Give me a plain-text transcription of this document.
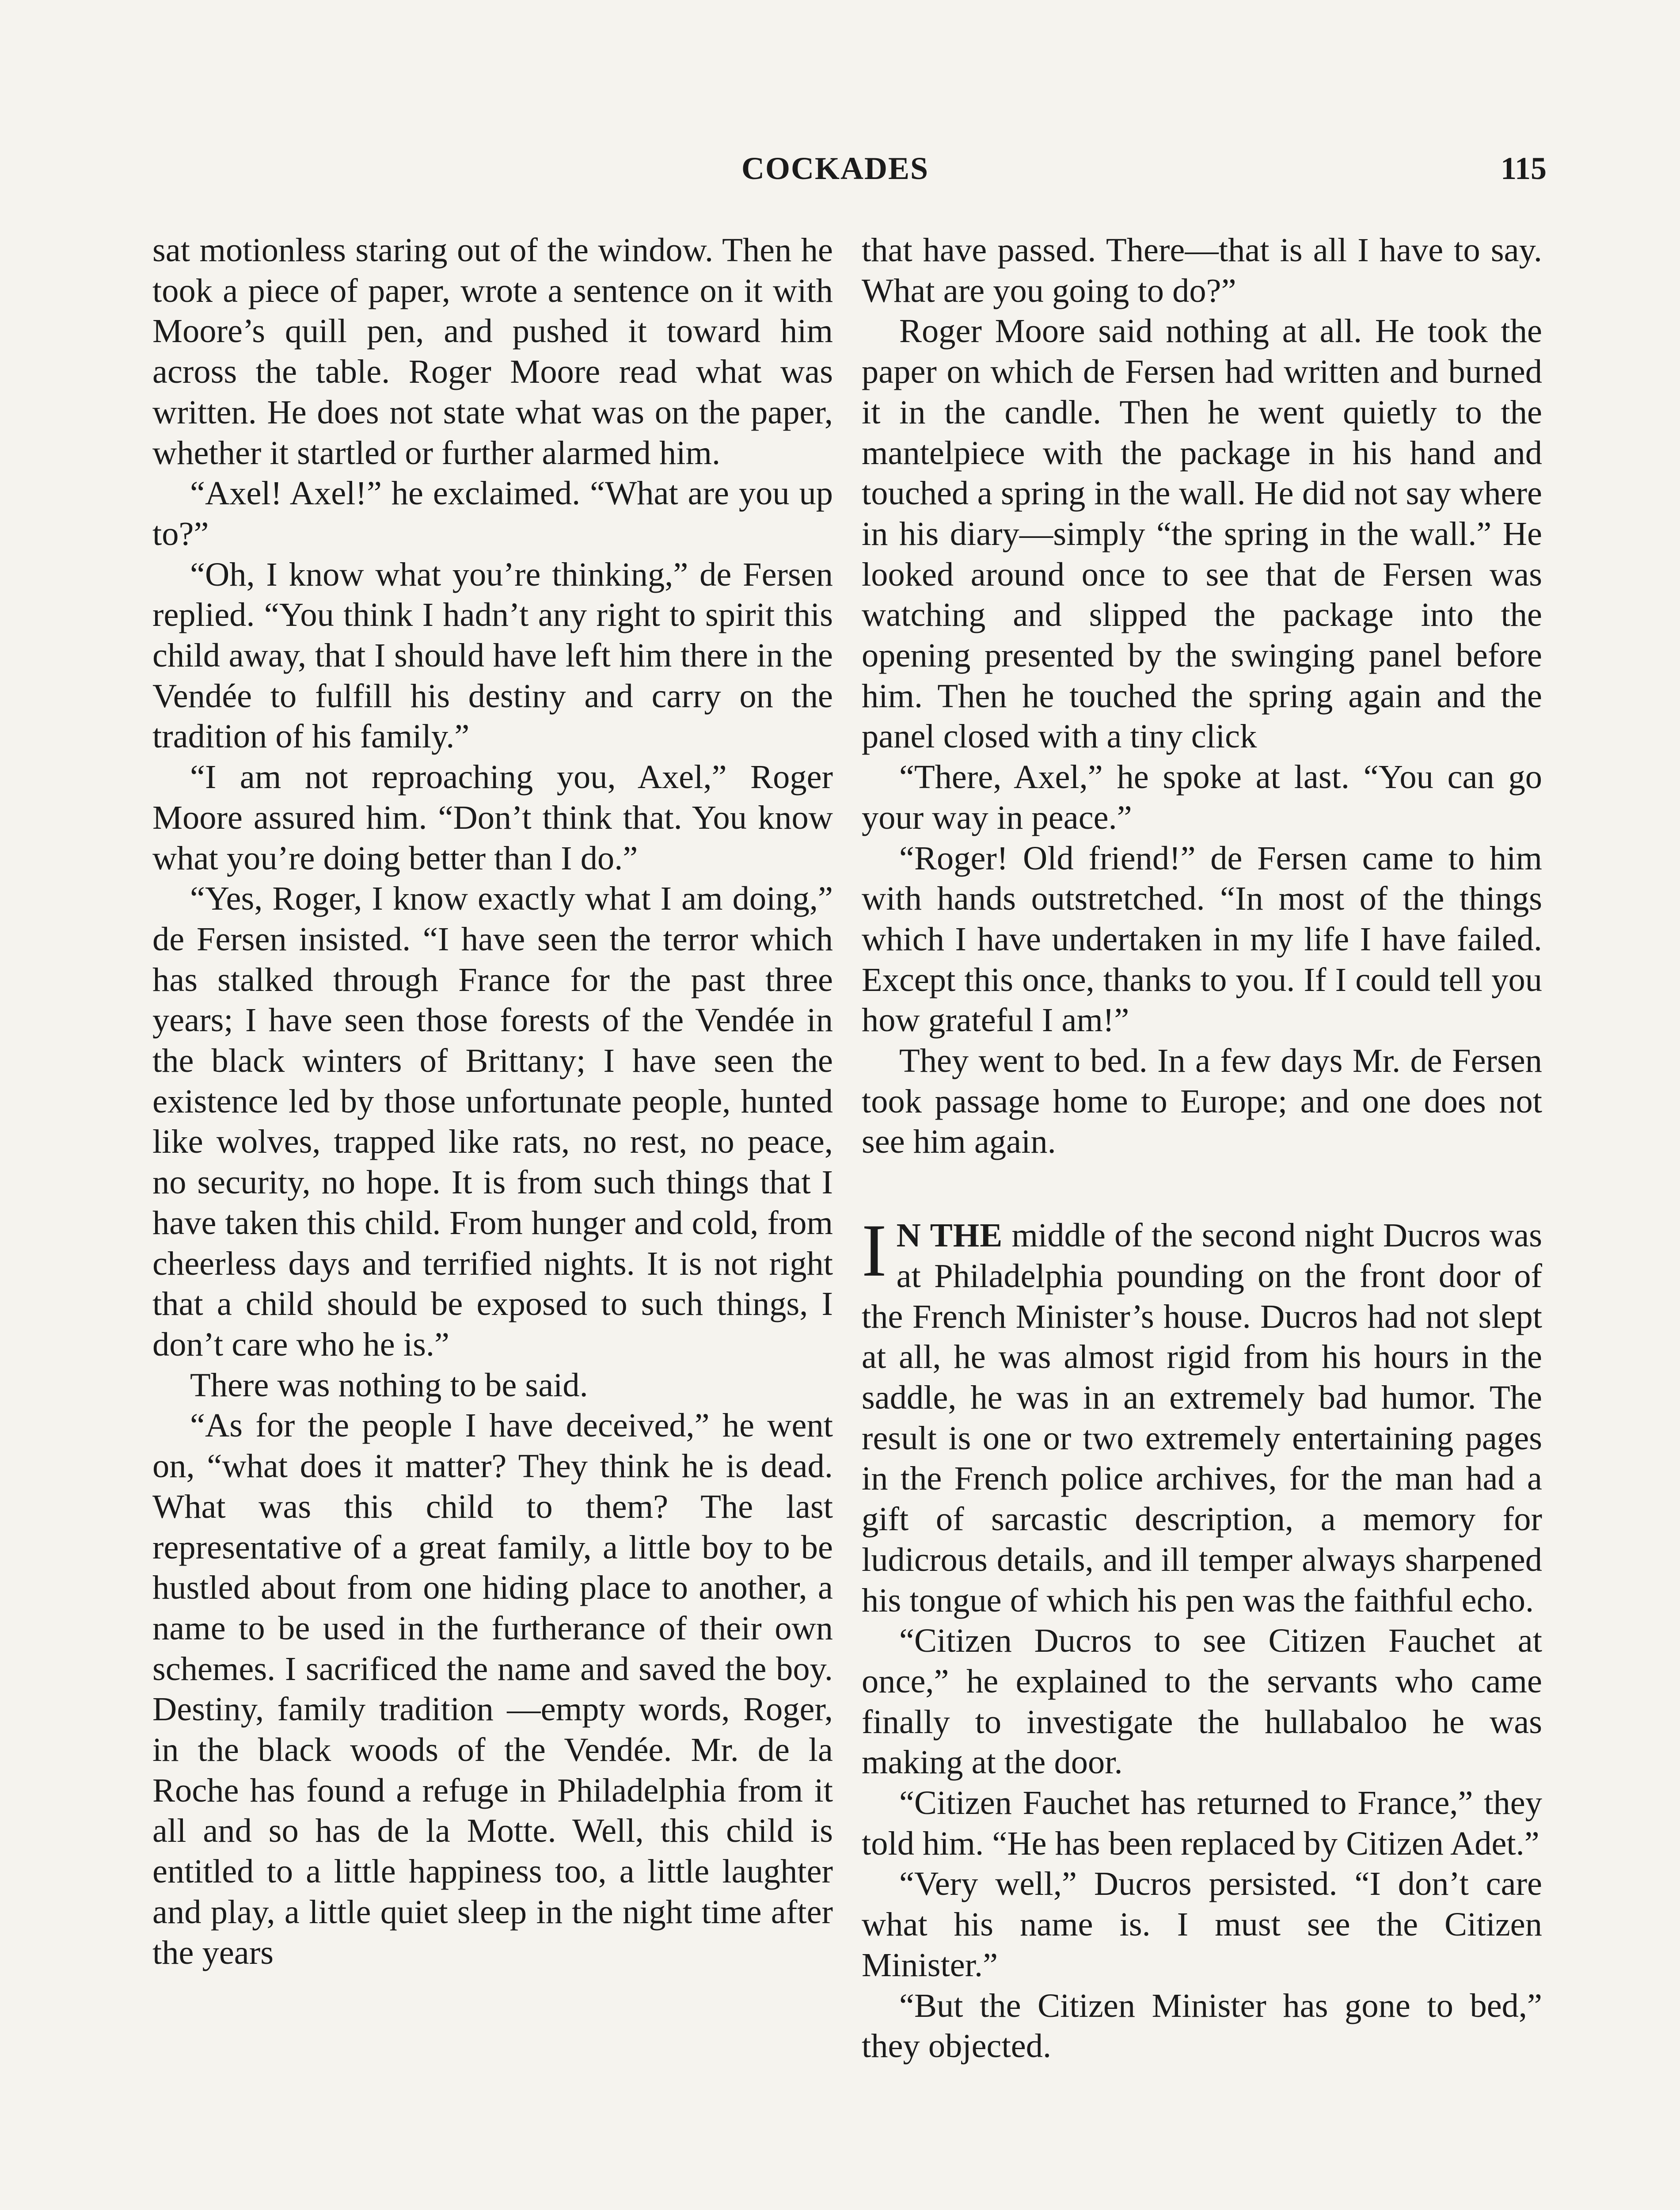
COCKADES	115

sat motionless staring out of the window. Then he took a piece of paper, wrote a sentence on it with Moore’s quill pen, and pushed it toward him across the table. Roger Moore read what was written. He does not state what was on the paper, whether it startled or further alarmed him.

“Axel! Axel!” he exclaimed. “What are you up to?”

“Oh, I know what you’re thinking,” de Fersen replied. “You think I hadn’t any right to spirit this child away, that I should have left him there in the Vendée to fulfill his destiny and carry on the tradition of his family.”

“I am not reproaching you, Axel,” Roger Moore assured him. “Don’t think that. You know what you’re doing better than I do.”

“Yes, Roger, I know exactly what I am doing,” de Fersen insisted. “I have seen the terror which has stalked through France for the past three years; I have seen those forests of the Vendée in the black winters of Brittany; I have seen the existence led by those unfortunate people, hunted like wolves, trapped like rats, no rest, no peace, no security, no hope. It is from such things that I have taken this child. From hunger and cold, from cheerless days and terrified nights. It is not right that a child should be exposed to such things, I don’t care who he is.”

There was nothing to be said.

“As for the people I have deceived,” he went on, “what does it matter? They think he is dead. What was this child to them? The last representative of a great family, a little boy to be hustled about from one hiding place to another, a name to be used in the furtherance of their own schemes. I sacrificed the name and saved the boy. Destiny, family tradition —empty words, Roger, in the black woods of the Vendée. Mr. de la Roche has found a refuge in Philadelphia from it all and so has de la Motte. Well, this child is entitled to a little happiness too, a little laughter and play, a little quiet sleep in the night time after the years

that have passed. There—that is all I have to say. What are you going to do?”

Roger Moore said nothing at all. He took the paper on which de Fersen had written and burned it in the candle. Then he went quietly to the mantelpiece with the package in his hand and touched a spring in the wall. He did not say where in his diary—simply “the spring in the wall.” He looked around once to see that de Fersen was watching and slipped the package into the opening presented by the swinging panel before him. Then he touched the spring again and the panel closed with a tiny click

“There, Axel,” he spoke at last. “You can go your way in peace.”

“Roger! Old friend!” de Fersen came to him with hands outstretched. “In most of the things which I have undertaken in my life I have failed. Except this once, thanks to you. If I could tell you how grateful I am!”

They went to bed. In a few days Mr. de Fersen took passage home to Europe; and one does not see him again.

I N THE middle of the second night Ducros was at Philadelphia pounding on the front door of the French Minister’s house. Ducros had not slept at all, he was almost rigid from his hours in the saddle, he was in an extremely bad humor. The result is one or two extremely entertaining pages in the French police archives, for the man had a gift of sarcastic description, a memory for ludicrous details, and ill temper always sharpened his tongue of which his pen was the faithful echo.

“Citizen Ducros to see Citizen Fauchet at once,” he explained to the servants who came finally to investigate the hullabaloo he was making at the door.

“Citizen Fauchet has returned to France,” they told him. “He has been replaced by Citizen Adet.”

“Very well,” Ducros persisted. “I don’t care what his name is. I must see the Citizen Minister.”

“But the Citizen Minister has gone to bed,” they objected.
